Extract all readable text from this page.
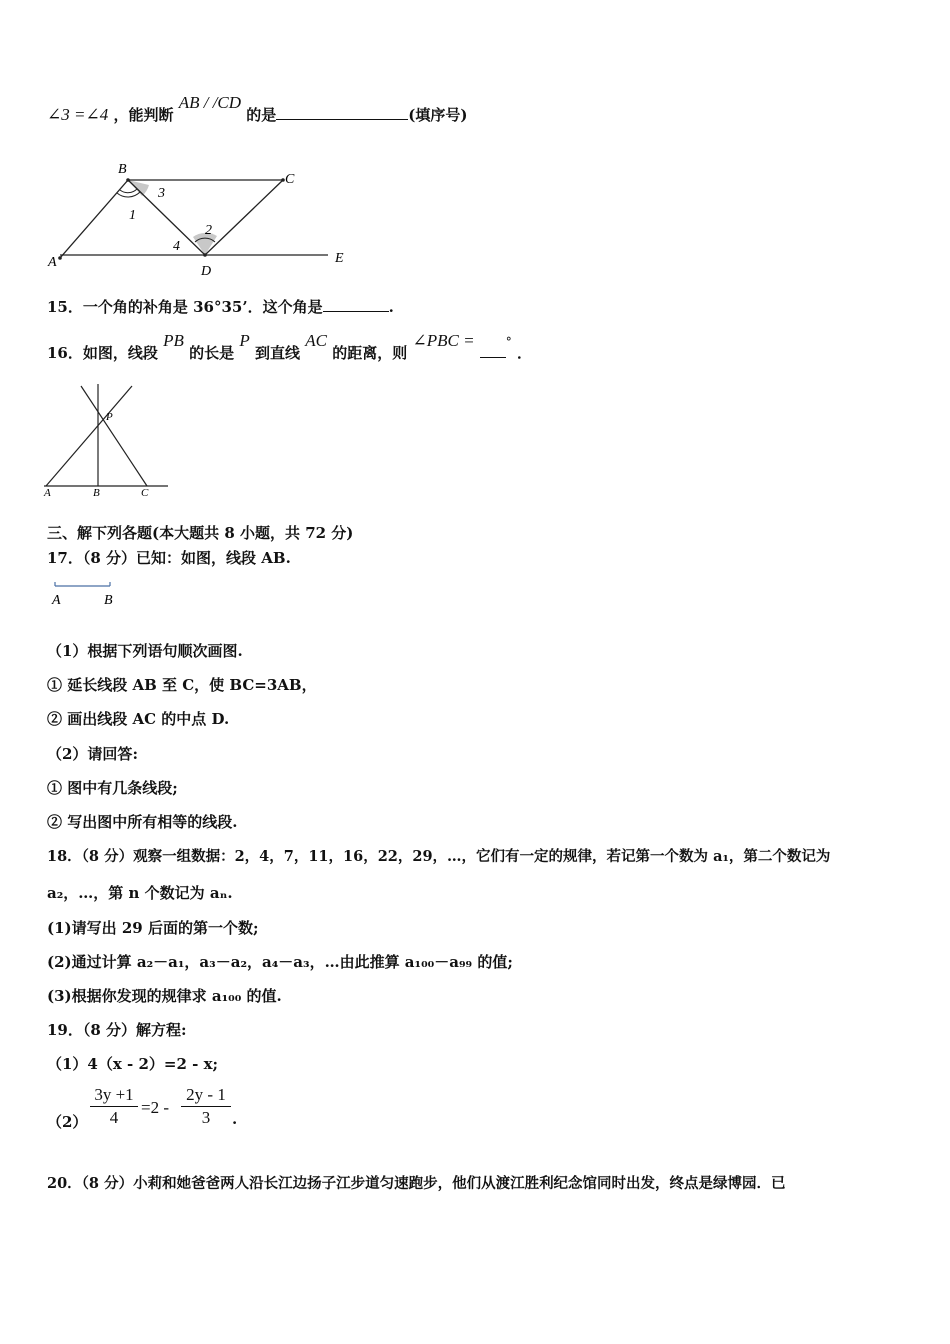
∠3 =∠4 ，能判断 AB / /CD 的是	(填序号)
B
C
A
D
E
1
2
3
4
15．一个角的补角是 36°35’．这个角是	.
16．如图，线段 PB 的长是 P 到直线 AC 的距离，则 ∠PBC =	° ．
P
A	B	C
三、解下列各题(本大题共 8 小题，共 72 分)
17．（8 分）已知：如图，线段 AB.
A	B
（1）根据下列语句顺次画图.
① 延长线段 AB 至 C，使 BC=3AB，
② 画出线段 AC 的中点 D.
（2）请回答:
① 图中有几条线段;
② 写出图中所有相等的线段.
18．（8 分）观察一组数据：2，4，7，11，16，22，29，…，它们有一定的规律，若记第一个数为 a₁，第二个数记为
a₂，…，第 n 个数记为 aₙ.
(1)请写出 29 后面的第一个数;
(2)通过计算 a₂－a₁，a₃－a₂，a₄－a₃，…由此推算 a₁₀₀－a₉₉ 的值;
(3)根据你发现的规律求 a₁₀₀ 的值.
19．（8 分）解方程:
（1）4（x - 2）=2 - x;
（2）
3y +1
4
=2 -
2y - 1
3	.
20．（8 分）小莉和她爸爸两人沿长江边扬子江步道匀速跑步，他们从渡江胜利纪念馆同时出发，终点是绿博园．已
